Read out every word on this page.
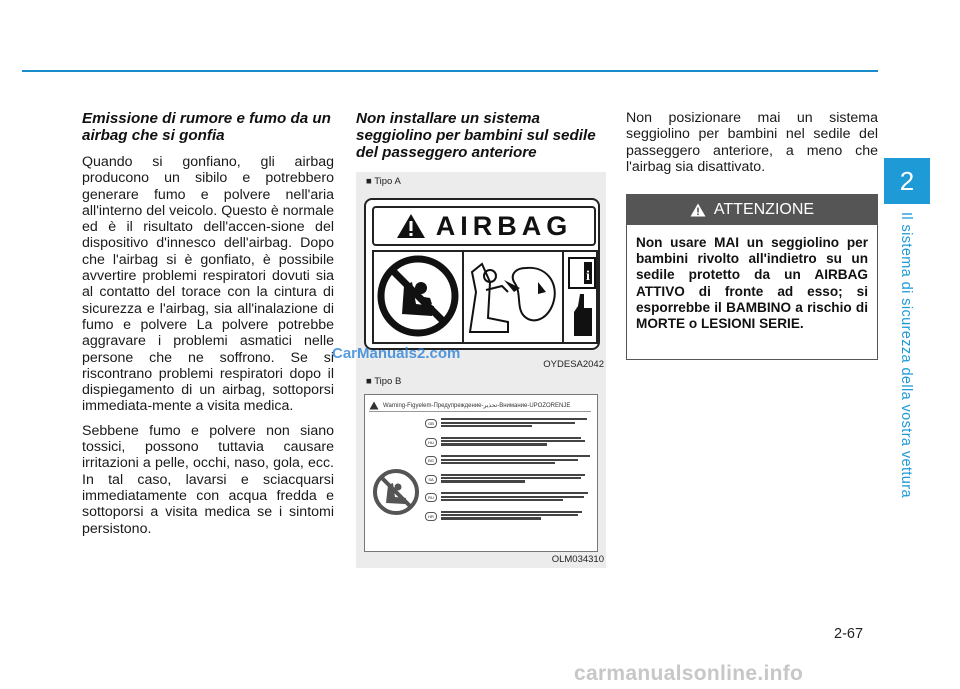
2
Il sistema di sicurezza della vostra vettura
Emissione di rumore e fumo da un airbag che si gonfia

Quando si gonfiano, gli airbag producono un sibilo e potrebbero generare fumo e polvere nell'aria all'interno del veicolo. Questo è normale ed è il risultato dell'accen-sione del dispositivo d'innesco dell'airbag. Dopo che l'airbag si è gonfiato, è possibile avvertire problemi respiratori dovuti sia al contatto del torace con la cintura di sicurezza e l'airbag, sia all'inalazione di fumo e polvere La polvere potrebbe aggravare i problemi asmatici nelle persone che ne soffrono. Se si riscontrano problemi respiratori dopo il dispiegamento di un airbag, sottoporsi immediata-mente a visita medica.

Sebbene fumo e polvere non siano tossici, possono tuttavia causare irritazioni a pelle, occhi, naso, gola, ecc. In tal caso, lavarsi e sciacquarsi immediatamente con acqua fredda e sottoporsi a visita medica se i sintomi persistono.

Non installare un sistema seggiolino per bambini sul sedile del passeggero anteriore
■ Tipo A
AIRBAG
i
OYDESA2042
■ Tipo B
Warning-Figyelem-Предупреждение-تحذير-Внимание-UPOZORENJE
GB
HU
BG
SA
RU
HR
OLM034310

Non posizionare mai un sistema seggiolino per bambini nel sedile del passeggero anteriore, a meno che l'airbag sia disattivato.

ATTENZIONE
Non usare MAI un seggiolino per bambini rivolto all'indietro su un sedile protetto da un AIRBAG ATTIVO di fronte ad esso; si esporrebbe il BAMBINO a rischio di MORTE o LESIONI SERIE.
CarManuals2.com
carmanualsonline.info
2-67
